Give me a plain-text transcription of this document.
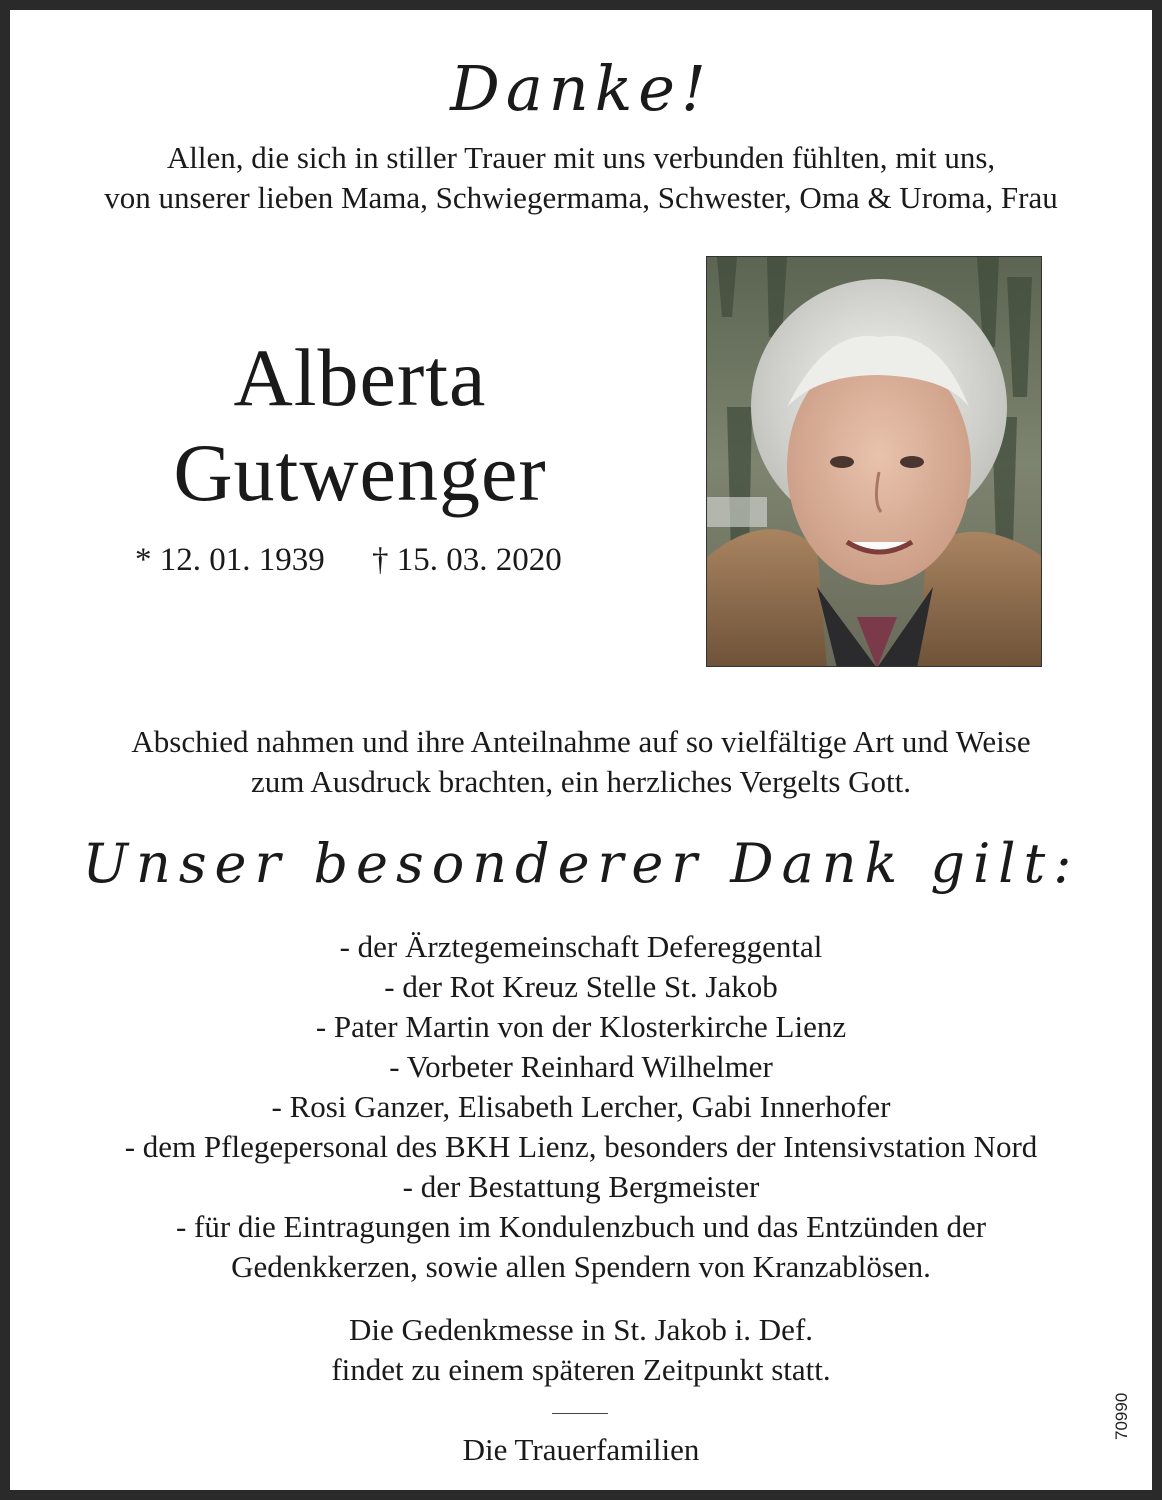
Danke!
Allen, die sich in stiller Trauer mit uns verbunden fühlten, mit uns,
von unserer lieben Mama, Schwiegermama, Schwester, Oma & Uroma, Frau
Alberta
Gutwenger
* 12. 01. 1939 † 15. 03. 2020
Abschied nahmen und ihre Anteilnahme auf so vielfältige Art und Weise
zum Ausdruck brachten, ein herzliches Vergelts Gott.
Unser besonderer Dank gilt:
- der Ärztegemeinschaft Defereggental
- der Rot Kreuz Stelle St. Jakob
- Pater Martin von der Klosterkirche Lienz
- Vorbeter Reinhard Wilhelmer
- Rosi Ganzer, Elisabeth Lercher, Gabi Innerhofer
- dem Pflegepersonal des BKH Lienz, besonders der Intensivstation Nord
- der Bestattung Bergmeister
- für die Eintragungen im Kondulenzbuch und das Entzünden der
Gedenkkerzen, sowie allen Spendern von Kranzablösen.
Die Gedenkmesse in St. Jakob i. Def.
findet zu einem späteren Zeitpunkt statt.
Die Trauerfamilien
70990
